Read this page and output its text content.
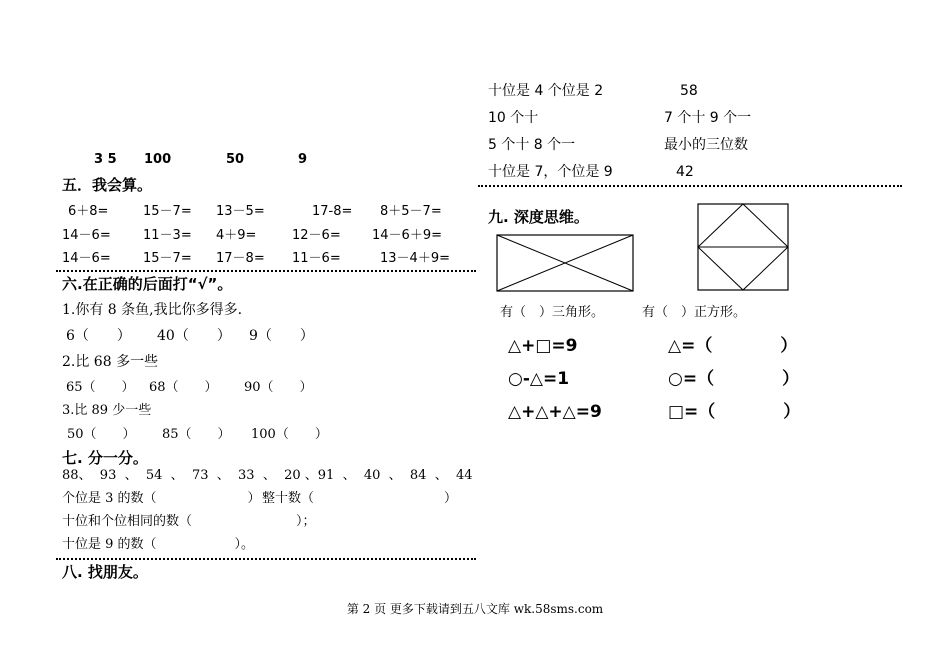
3 5 100	50	9
五．我会算。
6＋8=	15－7= 13－5=	17-8= 8＋5－7=
14－6= 11－3= 4＋9=	12－6= 14－6＋9=
14－6= 15－7= 17－8= 11－6=	13－4＋9=
六.在正确的后面打“√”。
1.你有 8 条鱼,我比你多得多.
6（　　） 40（　　） 9（　　）
2.比 68 多一些
65（　　） 68（　　） 90（　　）
3.比 89 少一些
50（　　） 85（　　） 100（　　）
七. 分一分。
88、  93  、  54  、  73  、  33  、  20 、91  、  40  、  84  、  44
个位是 3 的数（　　　　　　　） 整十数（　　　　　　　　　　）
十位和个位相同的数（　　　　　　　　）；
十位是 9 的数（　　　　　　）。
八. 找朋友。
十位是 4 个位是 2	58
10 个十	7 个十 9 个一
5 个十 8 个一	最小的三位数
十位是 7，个位是 9	42
九. 深度思维。
有（　）三角形。	有（　）正方形。
△+□=9	△=（　　　　）
○-△=1	○=（　　　　）
△+△+△=9	□=（　　　　）
第 2 页 更多下载请到五八文库 wk.58sms.com
